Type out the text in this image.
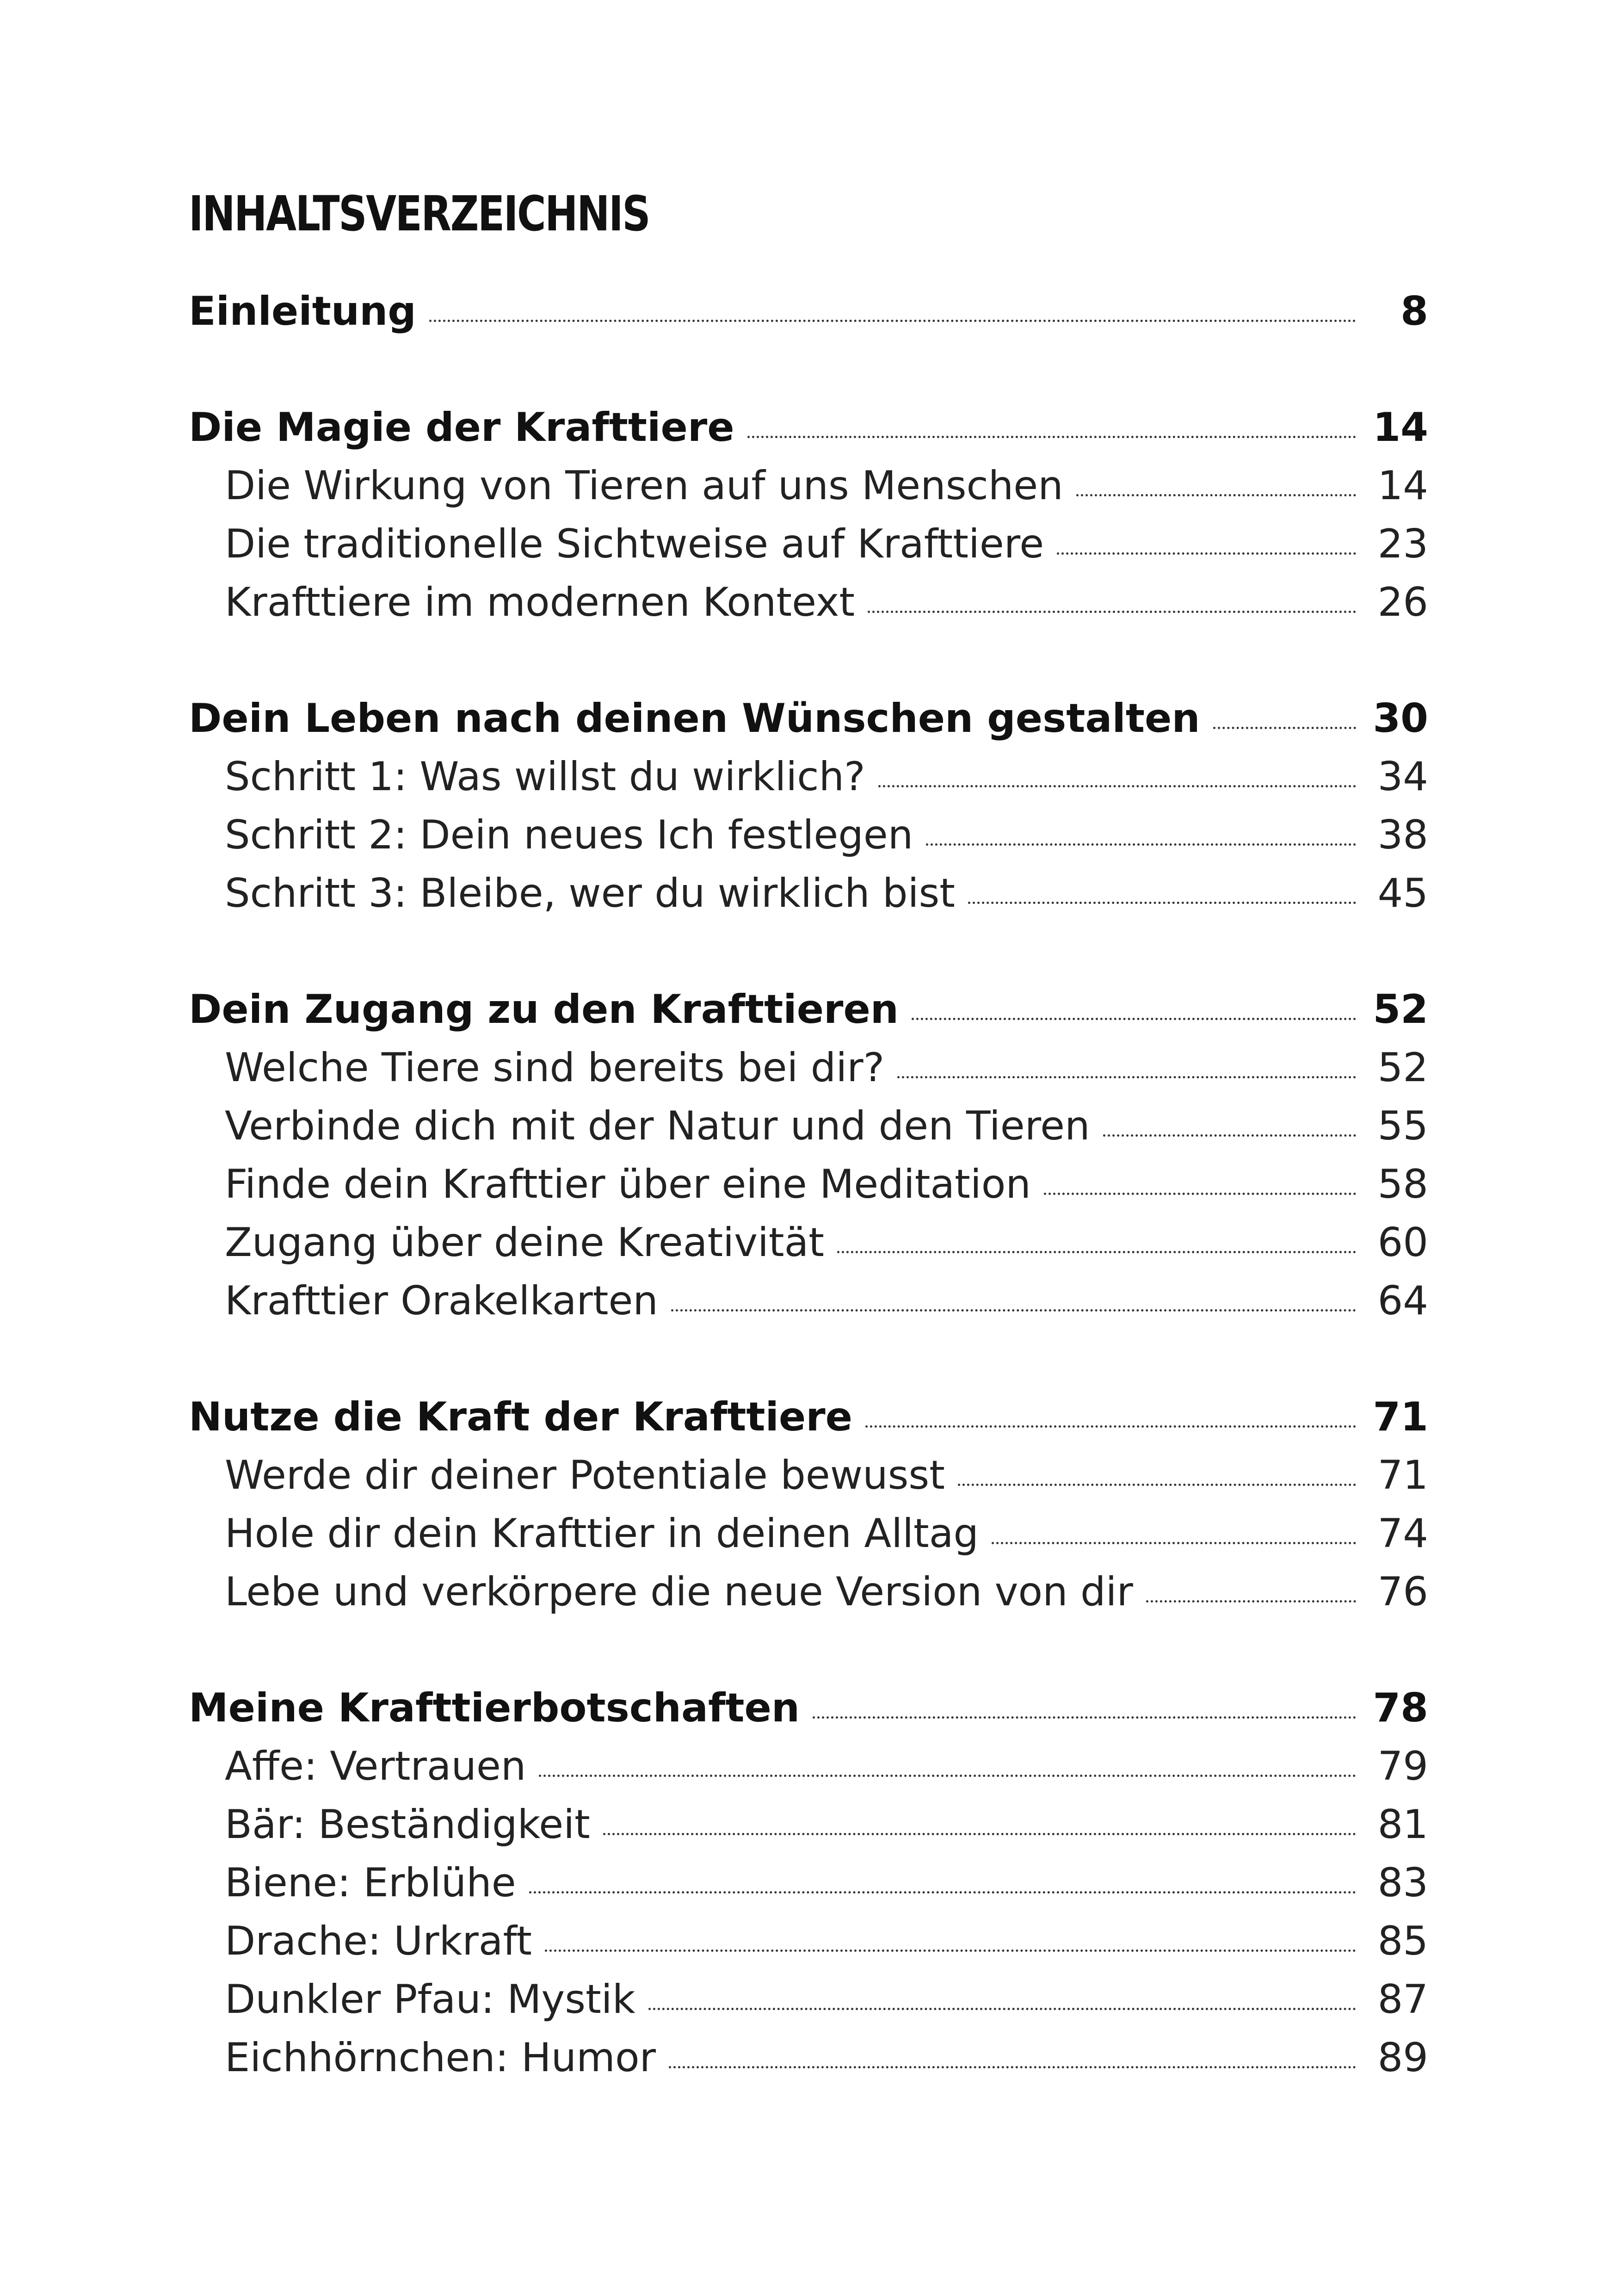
INHALTSVERZEICHNIS
Einleitung	8
Die Magie der Krafttiere	14
Die Wirkung von Tieren auf uns Menschen	14
Die traditionelle Sichtweise auf Krafttiere	23
Krafttiere im modernen Kontext	26
Dein Leben nach deinen Wünschen gestalten	30
Schritt 1: Was willst du wirklich?	34
Schritt 2: Dein neues Ich festlegen	38
Schritt 3: Bleibe, wer du wirklich bist	45
Dein Zugang zu den Krafttieren	52
Welche Tiere sind bereits bei dir?	52
Verbinde dich mit der Natur und den Tieren	55
Finde dein Krafttier über eine Meditation	58
Zugang über deine Kreativität	60
Krafttier Orakelkarten	64
Nutze die Kraft der Krafttiere	71
Werde dir deiner Potentiale bewusst	71
Hole dir dein Krafttier in deinen Alltag	74
Lebe und verkörpere die neue Version von dir	76
Meine Krafttierbotschaften	78
Affe: Vertrauen	79
Bär: Beständigkeit	81
Biene: Erblühe	83
Drache: Urkraft	85
Dunkler Pfau: Mystik	87
Eichhörnchen: Humor	89
